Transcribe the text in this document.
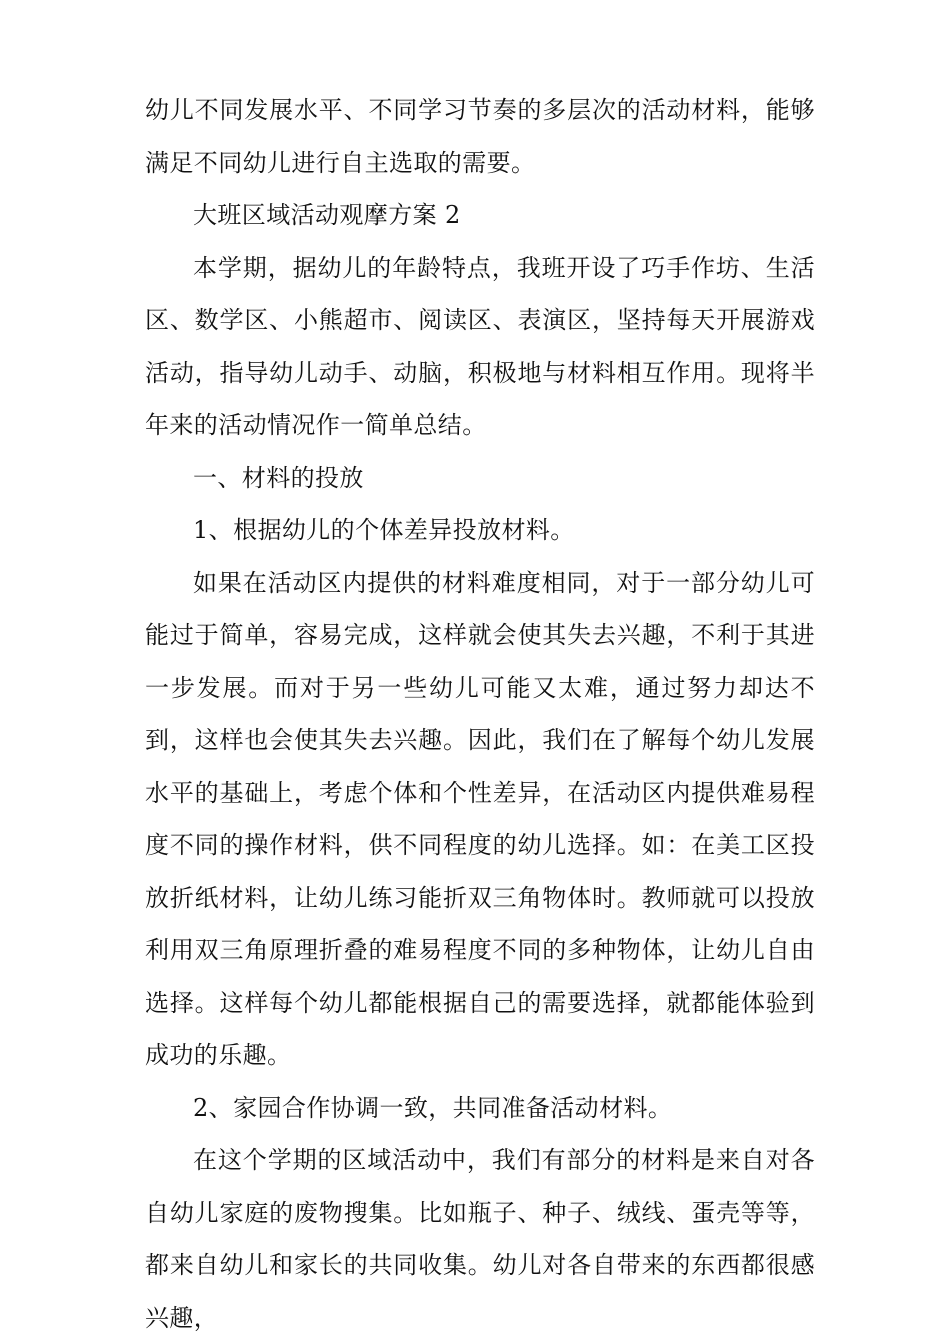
幼儿不同发展水平、不同学习节奏的多层次的活动材料，能够满足不同幼儿进行自主选取的需要。

大班区域活动观摩方案 2

本学期，据幼儿的年龄特点，我班开设了巧手作坊、生活区、数学区、小熊超市、阅读区、表演区，坚持每天开展游戏活动，指导幼儿动手、动脑，积极地与材料相互作用。现将半年来的活动情况作一简单总结。

一、材料的投放

1、根据幼儿的个体差异投放材料。

如果在活动区内提供的材料难度相同，对于一部分幼儿可能过于简单，容易完成，这样就会使其失去兴趣，不利于其进一步发展。而对于另一些幼儿可能又太难，通过努力却达不到，这样也会使其失去兴趣。因此，我们在了解每个幼儿发展水平的基础上，考虑个体和个性差异，在活动区内提供难易程度不同的操作材料，供不同程度的幼儿选择。如：在美工区投放折纸材料，让幼儿练习能折双三角物体时。教师就可以投放利用双三角原理折叠的难易程度不同的多种物体，让幼儿自由选择。这样每个幼儿都能根据自己的需要选择，就都能体验到成功的乐趣。

2、家园合作协调一致，共同准备活动材料。

在这个学期的区域活动中，我们有部分的材料是来自对各自幼儿家庭的废物搜集。比如瓶子、种子、绒线、蛋壳等等，都来自幼儿和家长的共同收集。幼儿对各自带来的东西都很感兴趣，
